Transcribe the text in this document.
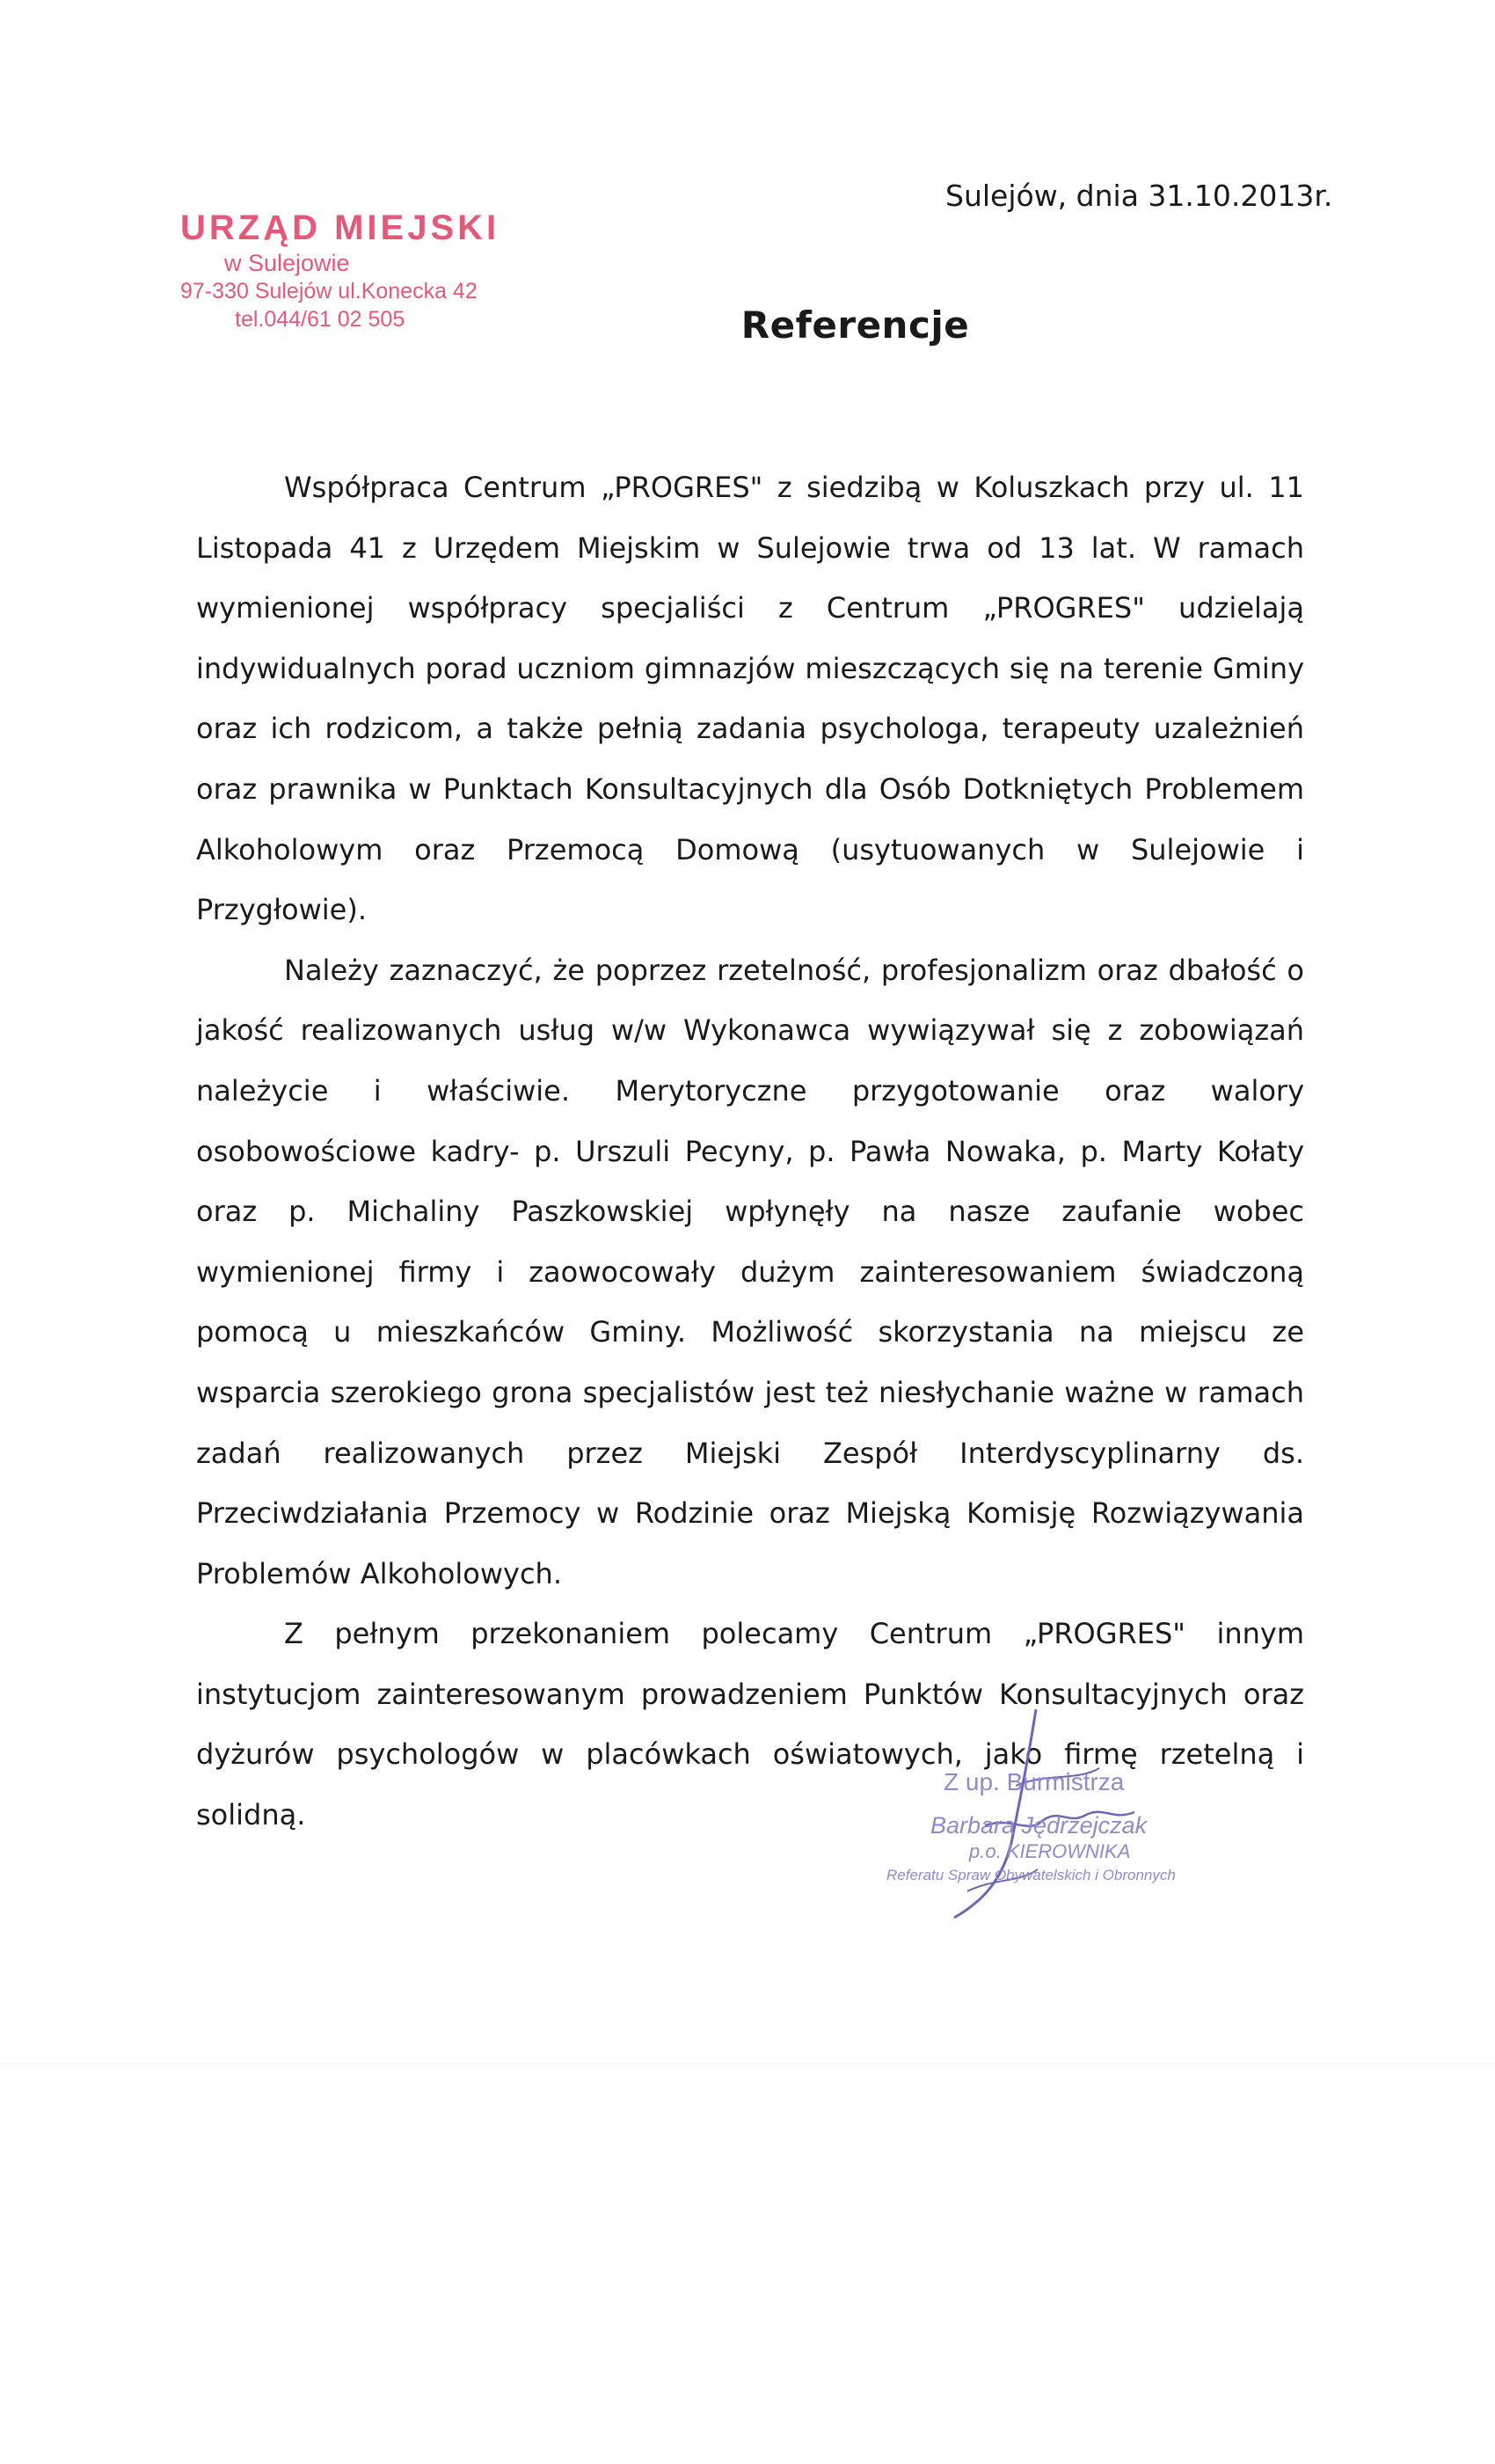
URZĄD MIEJSKI
w Sulejowie
97-330 Sulejów ul.Konecka 42
tel.044/61 02 505
Sulejów, dnia 31.10.2013r.
Referencje

Współpraca Centrum „PROGRES" z siedzibą w Koluszkach przy ul. 11 Listopada 41 z Urzędem Miejskim w Sulejowie trwa od 13 lat. W ramach wymienionej współpracy specjaliści z Centrum „PROGRES" udzielają indywidualnych porad uczniom gimnazjów mieszczących się na terenie Gminy oraz ich rodzicom, a także pełnią zadania psychologa, terapeuty uzależnień oraz prawnika w Punktach Konsultacyjnych dla Osób Dotkniętych Problemem Alkoholowym oraz Przemocą Domową (usytuowanych w Sulejowie i Przygłowie).

Należy zaznaczyć, że poprzez rzetelność, profesjonalizm oraz dbałość o jakość realizowanych usług w/w Wykonawca wywiązywał się z zobowiązań należycie i właściwie. Merytoryczne przygotowanie oraz walory osobowościowe kadry- p. Urszuli Pecyny, p. Pawła Nowaka, p. Marty Kołaty oraz p. Michaliny Paszkowskiej wpłynęły na nasze zaufanie wobec wymienionej firmy i zaowocowały dużym zainteresowaniem świadczoną pomocą u mieszkańców Gminy. Możliwość skorzystania na miejscu ze wsparcia szerokiego grona specjalistów jest też niesłychanie ważne w ramach zadań realizowanych przez Miejski Zespół Interdyscyplinarny ds. Przeciwdziałania Przemocy w Rodzinie oraz Miejską Komisję Rozwiązywania Problemów Alkoholowych.

Z pełnym przekonaniem polecamy Centrum „PROGRES" innym instytucjom zainteresowanym prowadzeniem Punktów Konsultacyjnych oraz dyżurów psychologów w placówkach oświatowych, jako firmę rzetelną i solidną.

Z up. Burmistrza
Barbara Jędrzejczak
p.o. KIEROWNIKA
Referatu Spraw Obywatelskich i Obronnych
